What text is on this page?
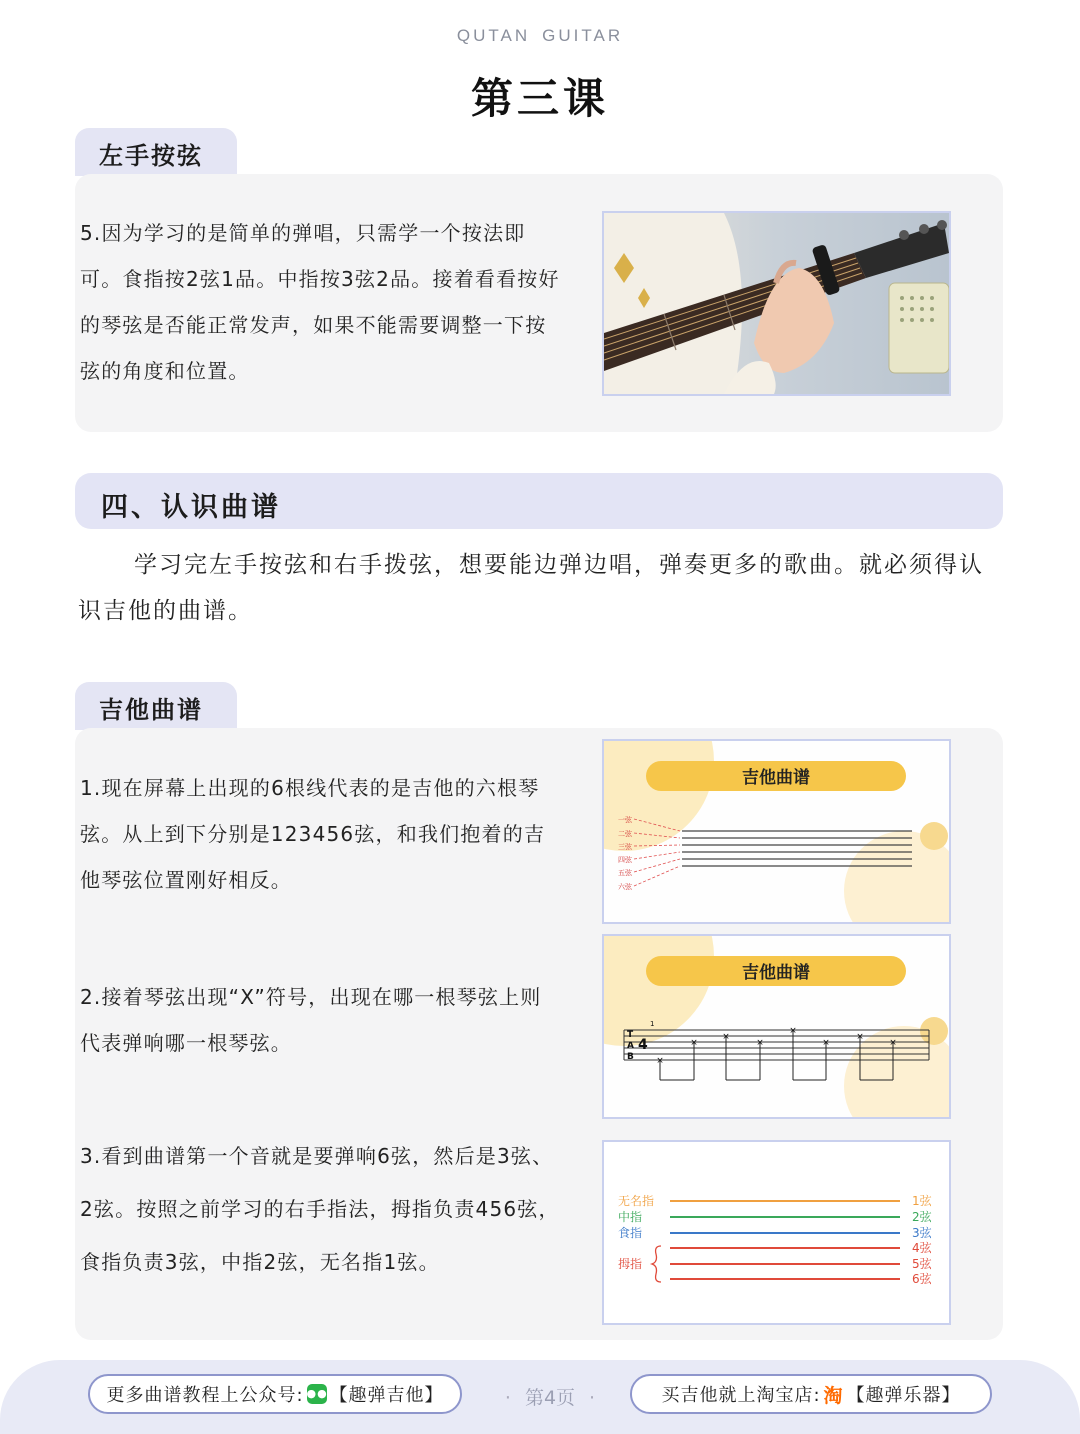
QUTAN GUITAR
第三课
左手按弦
5.因为学习的是简单的弹唱，只需学一个按法即可。食指按2弦1品。中指按3弦2品。接着看看按好的琴弦是否能正常发声，如果不能需要调整一下按弦的角度和位置。
四、认识曲谱
学习完左手按弦和右手拨弦，想要能边弹边唱，弹奏更多的歌曲。就必须得认识吉他的曲谱。
吉他曲谱
1.现在屏幕上出现的6根线代表的是吉他的六根琴弦。从上到下分别是123456弦，和我们抱着的吉他琴弦位置刚好相反。
2.接着琴弦出现“X”符号，出现在哪一根琴弦上则代表弹响哪一根琴弦。
3.看到曲谱第一个音就是要弹响6弦，然后是3弦、2弦。按照之前学习的右手指法，拇指负责456弦，食指负责3弦，中指2弦，无名指1弦。
吉他曲谱
一弦
二弦
三弦
四弦
五弦
六弦
吉他曲谱
T
A
B
4
1
×
×
×
×
×
×
×
×
无名指
中指
食指
拇指
1弦
2弦
3弦
4弦
5弦
6弦
更多曲谱教程上公众号: ●● 【趣弹吉他】	· 第4页 ·	买吉他就上淘宝店: 淘 【趣弹乐器】
